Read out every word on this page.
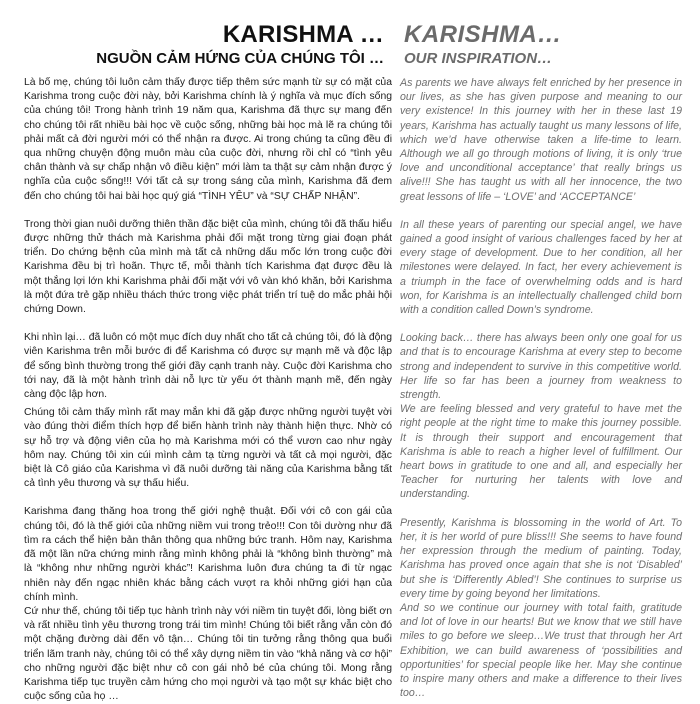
KARISHMA …
NGUỒN CẢM HỨNG CỦA CHÚNG TÔI …

Là bố mẹ, chúng tôi luôn cảm thấy được tiếp thêm sức mạnh từ sự có mặt của Karishma trong cuộc đời này, bởi Karishma chính là ý nghĩa và mục đích sống của chúng tôi! Trong hành trình 19 năm qua, Karishma đã thực sự mang đến cho chúng tôi rất nhiều bài học về cuộc sống, những bài học mà lẽ ra chúng tôi phải mất cả đời người mới có thể nhận ra được. Ai trong chúng ta cũng đều đi qua những chuyện động muôn màu của cuộc đời, nhưng rồi chỉ có “tình yêu chân thành và sự chấp nhận vô điều kiện” mới làm ta thật sự cảm nhận được ý nghĩa của cuộc sống!!! Với tất cả sự trong sáng của mình, Karishma đã đem đến cho chúng tôi hai bài học quý giá “TÌNH YÊU” và “SỰ CHẤP NHẬN”.

Trong thời gian nuôi dưỡng thiên thần đặc biệt của mình, chúng tôi đã thấu hiểu được những thử thách mà Karishma phải đối mặt trong từng giai đoạn phát triển. Do chứng bệnh của mình mà tất cả những dấu mốc lớn trong cuộc đời Karishma đều bị trì hoãn. Thực tế, mỗi thành tích Karishma đạt được đều là một thắng lợi lớn khi Karishma phải đối mặt với vô vàn khó khăn, bởi Karishma là một đứa trẻ gặp nhiều thách thức trong việc phát triển trí tuệ do mắc phải hội chứng Down.

Khi nhìn lại… đã luôn có một mục đích duy nhất cho tất cả chúng tôi, đó là động viên Karishma trên mỗi bước đi để Karishma có được sự mạnh mẽ và độc lập để sống bình thường trong thế giới đầy cạnh tranh này. Cuộc đời Karishma cho tới nay, đã là một hành trình dài nỗ lực từ yếu ớt thành mạnh mẽ, đến ngày càng độc lập hơn.

Chúng tôi cảm thấy mình rất may mắn khi đã gặp được những người tuyệt vời vào đúng thời điểm thích hợp để biến hành trình này thành hiện thực. Nhờ có sự hỗ trợ và động viên của họ mà Karishma mới có thể vươn cao như ngày hôm nay. Chúng tôi xin cúi mình cảm tạ từng người và tất cả mọi người, đặc biệt là Cô giáo của Karishma vì đã nuôi dưỡng tài năng của Karishma bằng tất cả tình yêu thương và sự thấu hiểu.

Karishma đang thăng hoa trong thế giới nghệ thuật. Đối với cô con gái của chúng tôi, đó là thế giới của những niềm vui trong trẻo!!! Con tôi dường như đã tìm ra cách thể hiện bản thân thông qua những bức tranh. Hôm nay, Karishma đã một lần nữa chứng minh rằng mình không phải là “không bình thường” mà là “không như những người khác”! Karishma luôn đưa chúng ta đi từ ngạc nhiên này đến ngạc nhiên khác bằng cách vượt ra khỏi những giới hạn của chính mình.

Cứ như thế, chúng tôi tiếp tục hành trình này với niềm tin tuyệt đối, lòng biết ơn và rất nhiều tình yêu thương trong trái tim mình! Chúng tôi biết rằng vẫn còn đó một chặng đường dài đến vô tận… Chúng tôi tin tưởng rằng thông qua buổi triển lãm tranh này, chúng tôi có thể xây dựng niềm tin vào “khả năng và cơ hội” cho những người đặc biệt như cô con gái nhỏ bé của chúng tôi. Mong rằng Karishma tiếp tục truyền cảm hứng cho mọi người và tạo một sự khác biệt cho cuộc sống của họ …

KARISHMA…
OUR INSPIRATION…

As parents we have always felt enriched by her presence in our lives, as she has given purpose and meaning to our very existence! In this journey with her in these last 19 years, Karishma has actually taught us many lessons of life, which we’d have otherwise taken a life-time to learn. Although we all go through motions of living, it is only ‘true love and unconditional acceptance’ that really brings us alive!!! She has taught us with all her innocence, the two great lessons of life – ‘LOVE’ and ‘ACCEPTANCE’

In all these years of parenting our special angel, we have gained a good insight of various challenges faced by her at every stage of development. Due to her condition, all her milestones were delayed. In fact, her every achievement is a triumph in the face of overwhelming odds and is hard won, for Karishma is an intellectually challenged child born with a condition called Down’s syndrome.

Looking back… there has always been only one goal for us and that is to encourage Karishma at every step to become strong and independent to survive in this competitive world. Her life so far has been a journey from weakness to strength.

We are feeling blessed and very grateful to have met the right people at the right time to make this journey possible. It is through their support and encouragement that Karishma is able to reach a higher level of fulfillment. Our heart bows in gratitude to one and all, and especially her Teacher for nurturing her talents with love and understanding.

Presently, Karishma is blossoming in the world of Art. To her, it is her world of pure bliss!!! She seems to have found her expression through the medium of painting. Today, Karishma has proved once again that she is not ‘Disabled’ but she is ‘Differently Abled’! She continues to surprise us every time by going beyond her limitations.

And so we continue our journey with total faith, gratitude and lot of love in our hearts! But we know that we still have miles to go before we sleep…We trust that through her Art Exhibition, we can build awareness of ‘possibilities and opportunities’ for special people like her. May she continue to inspire many others and make a difference to their lives too…
